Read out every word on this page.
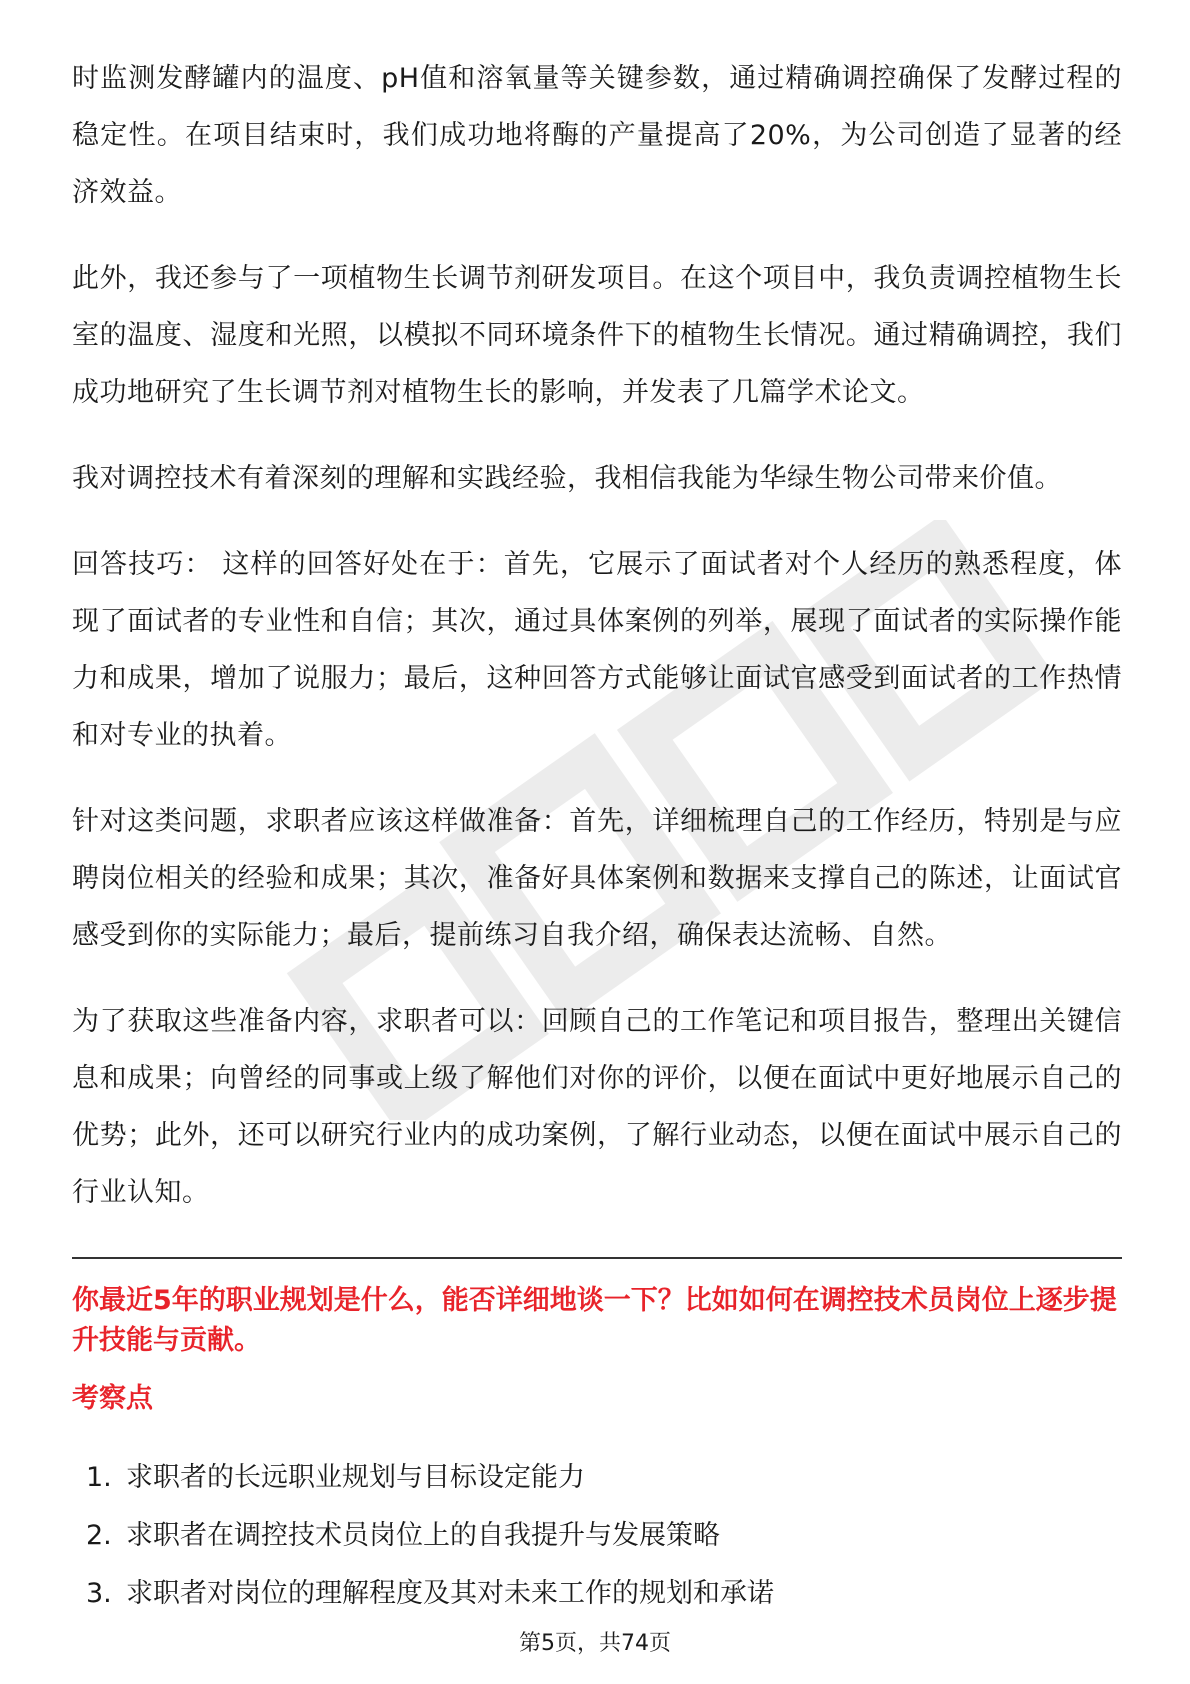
时监测发酵罐内的温度、pH值和溶氧量等关键参数，通过精确调控确保了发酵过程的稳定性。在项目结束时，我们成功地将酶的产量提高了20%，为公司创造了显著的经济效益。

此外，我还参与了一项植物生长调节剂研发项目。在这个项目中，我负责调控植物生长室的温度、湿度和光照，以模拟不同环境条件下的植物生长情况。通过精确调控，我们成功地研究了生长调节剂对植物生长的影响，并发表了几篇学术论文。

我对调控技术有着深刻的理解和实践经验，我相信我能为华绿生物公司带来价值。

回答技巧： 这样的回答好处在于：首先，它展示了面试者对个人经历的熟悉程度，体现了面试者的专业性和自信；其次，通过具体案例的列举，展现了面试者的实际操作能力和成果，增加了说服力；最后，这种回答方式能够让面试官感受到面试者的工作热情和对专业的执着。

针对这类问题，求职者应该这样做准备：首先，详细梳理自己的工作经历，特别是与应聘岗位相关的经验和成果；其次，准备好具体案例和数据来支撑自己的陈述，让面试官感受到你的实际能力；最后，提前练习自我介绍，确保表达流畅、自然。

为了获取这些准备内容，求职者可以：回顾自己的工作笔记和项目报告，整理出关键信息和成果；向曾经的同事或上级了解他们对你的评价，以便在面试中更好地展示自己的优势；此外，还可以研究行业内的成功案例，了解行业动态，以便在面试中展示自己的行业认知。

你最近5年的职业规划是什么，能否详细地谈一下？比如如何在调控技术员岗位上逐步提升技能与贡献。
考察点
1. 求职者的长远职业规划与目标设定能力
2. 求职者在调控技术员岗位上的自我提升与发展策略
3. 求职者对岗位的理解程度及其对未来工作的规划和承诺
第5页，共74页
